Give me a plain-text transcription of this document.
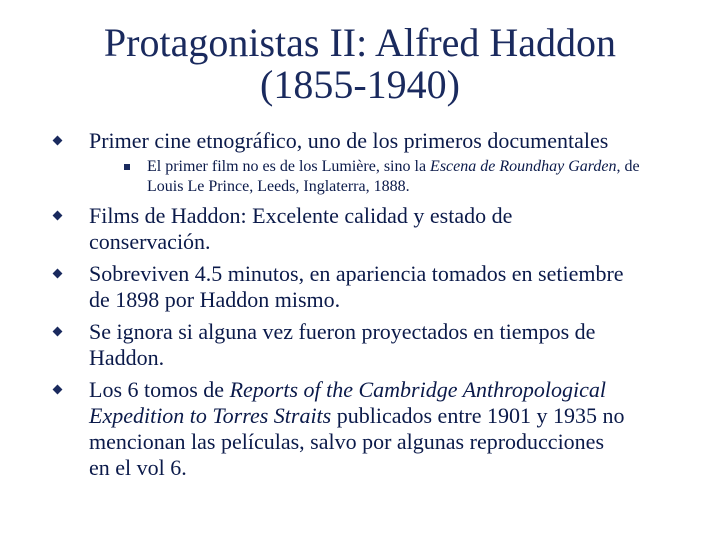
Protagonistas II: Alfred Haddon
(1855-1940)
Primer cine etnográfico, uno de los primeros documentales
El primer film no es de los Lumière, sino la Escena de Roundhay Garden, de
Louis Le Prince, Leeds, Inglaterra, 1888.
Films de Haddon: Excelente calidad y estado de
conservación.
Sobreviven 4.5 minutos, en apariencia tomados en setiembre
de 1898 por Haddon mismo.
Se ignora si alguna vez fueron proyectados en tiempos de
Haddon.
Los 6 tomos de Reports of the Cambridge Anthropological
Expedition to Torres Straits publicados entre 1901 y 1935 no
mencionan las películas, salvo por algunas reproducciones
en el vol 6.
